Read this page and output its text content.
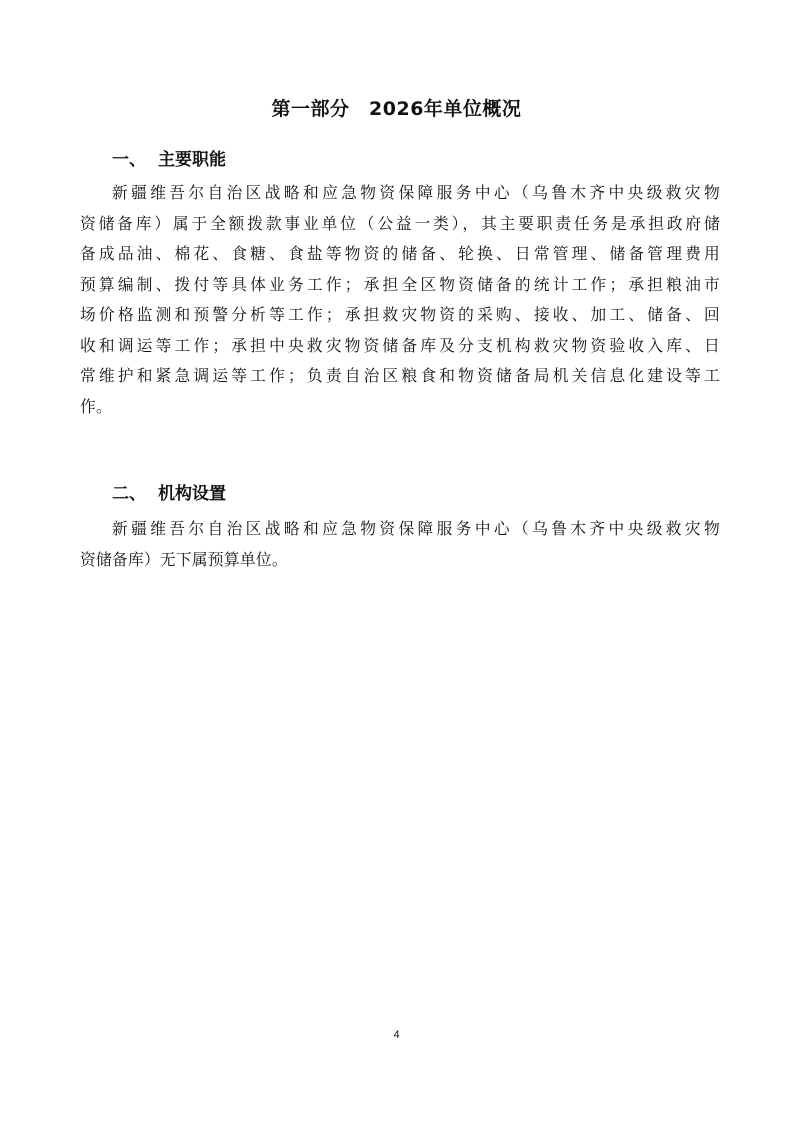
第一部分　2026年单位概况
一、 主要职能
新疆维吾尔自治区战略和应急物资保障服务中心（乌鲁木齐中央级救灾物
资储备库）属于全额拨款事业单位（公益一类），其主要职责任务是承担政府储
备成品油、棉花、食糖、食盐等物资的储备、轮换、日常管理、储备管理费用
预算编制、拨付等具体业务工作；承担全区物资储备的统计工作；承担粮油市
场价格监测和预警分析等工作；承担救灾物资的采购、接收、加工、储备、回
收和调运等工作；承担中央救灾物资储备库及分支机构救灾物资验收入库、日
常维护和紧急调运等工作；负责自治区粮食和物资储备局机关信息化建设等工
作。
二、 机构设置
新疆维吾尔自治区战略和应急物资保障服务中心（乌鲁木齐中央级救灾物
资储备库）无下属预算单位。
4
